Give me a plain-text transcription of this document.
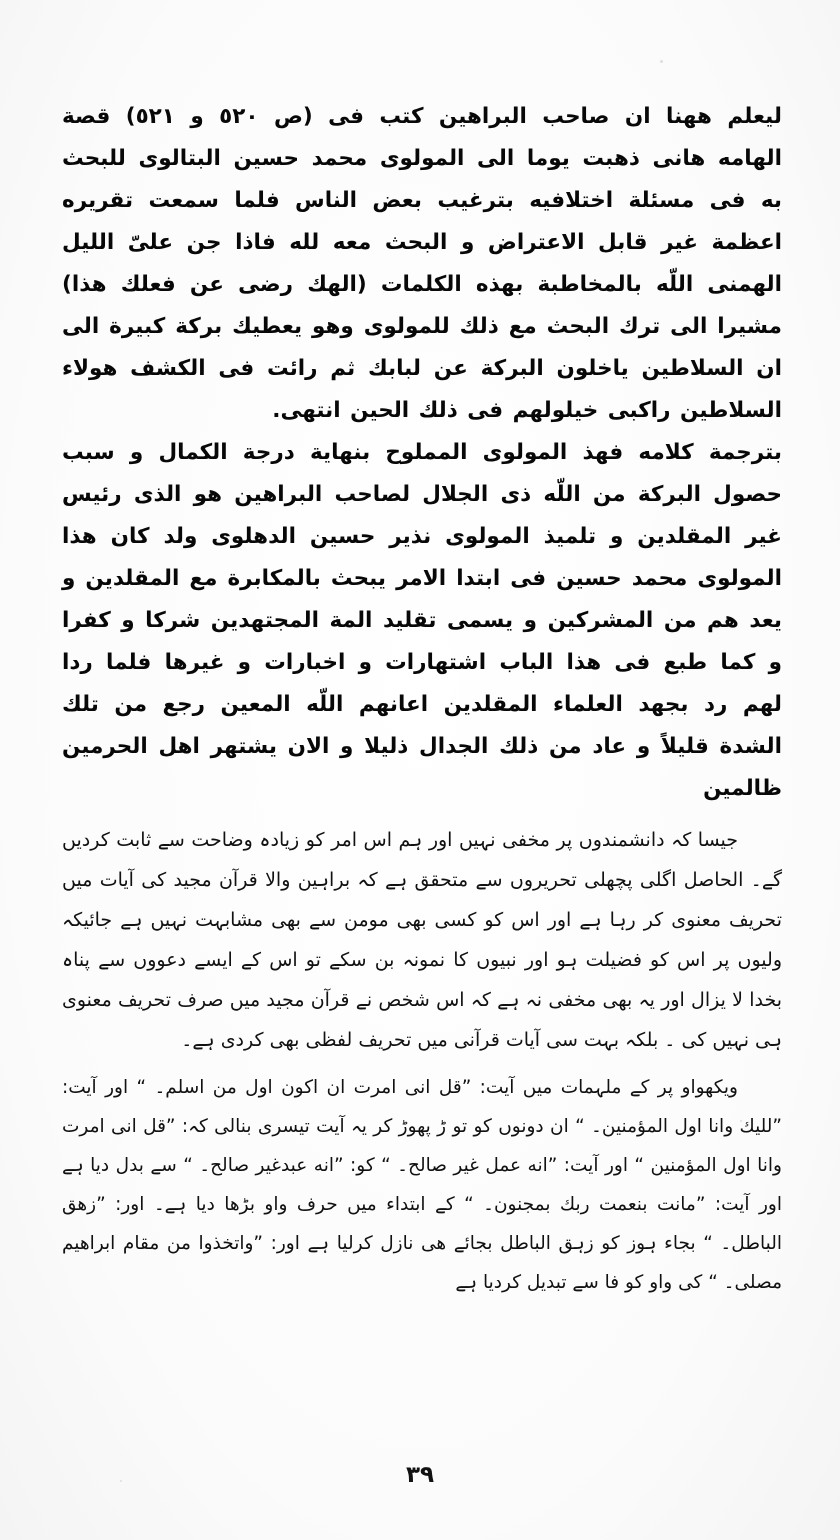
ليعلم ههنا ان صاحب البراهين كتب فى (ص ٥٢٠ و ٥٢١) قصة الهامه هانى ذهبت يوما الى المولوى محمد حسين البتالوى للبحث به فى مسئلة اختلافيه بترغيب بعض الناس فلما سمعت تقريره اعظمة غير قابل الاعتراض و البحث معه لله فاذا جن علىّ الليل الهمنى اللّه بالمخاطبة بهذه الكلمات (الهك رضى عن فعلك هذا) مشيرا الى ترك البحث مع ذلك للمولوى وهو يعطيك بركة كبيرة الى ان السلاطين ياخلون البركة عن لبابك ثم رائت فى الكشف هولاء السلاطين راكبى خيلولهم فى ذلك الحين انتهى.

بترجمة كلامه فهذ المولوى المملوح بنهاية درجة الكمال و سبب حصول البركة من اللّه ذى الجلال لصاحب البراهين هو الذى رئيس غير المقلدين و تلميذ المولوى نذير حسين الدهلوى ولد كان هذا المولوى محمد حسين فى ابتدا الامر يبحث بالمكابرة مع المقلدين و يعد هم من المشركين و يسمى تقليد المة المجتهدين شركا و كفرا و كما طبع فى هذا الباب اشتهارات و اخبارات و غيرها فلما ردا لهم رد بجهد العلماء المقلدين اعانهم اللّه المعين رجع من تلك الشدة قليلاً و عاد من ذلك الجدال ذليلا و الان يشتهر اهل الحرمين ظالمين

جیسا کہ دانشمندوں پر مخفی نہیں اور ہم اس امر کو زیادہ وضاحت سے ثابت کردیں گے۔ الحاصل اگلی پچھلی تحریروں سے متحقق ہے کہ براہین والا قرآن مجید کی آیات میں تحریف معنوی کر رہا ہے اور اس کو کسی بھی مومن سے بھی مشابہت نہیں ہے جائیکہ ولیوں پر اس کو فضیلت ہو اور نبیوں کا نمونہ بن سکے تو اس کے ایسے دعووں سے پناہ بخدا لا یزال اور یہ بھی مخفی نہ ہے کہ اس شخص نے قرآن مجید میں صرف تحریف معنوی ہی نہیں کی ۔ بلکہ بہت سی آیات قرآنی میں تحریف لفظی بھی کردی ہے۔

ویکھواو پر کے ملہمات میں آیت: ”قل انى امرت ان اكون اول من اسلم۔ “ اور آیت: ”لليك وانا اول المؤمنين۔ “ ان دونوں کو تو ڑ پھوڑ کر یہ آیت تیسری بنالی کہ: ”قل انى امرت وانا اول المؤمنين “ اور آیت: ”انه عمل غير صالح۔ “ کو: ”انه عبدغير صالح۔ “ سے بدل دیا ہے اور آیت: ”مانت بنعمت ربك بمجنون۔ “ کے ابتداء میں حرف واو بڑھا دیا ہے۔ اور: ”زهق الباطل۔ “ بجاء ہوز کو زہق الباطل بجائے ھی نازل کرلیا ہے اور: ”واتخذوا من مقام ابراهيم مصلى۔ “ کی واو کو فا سے تبدیل کردیا ہے

۳۹
